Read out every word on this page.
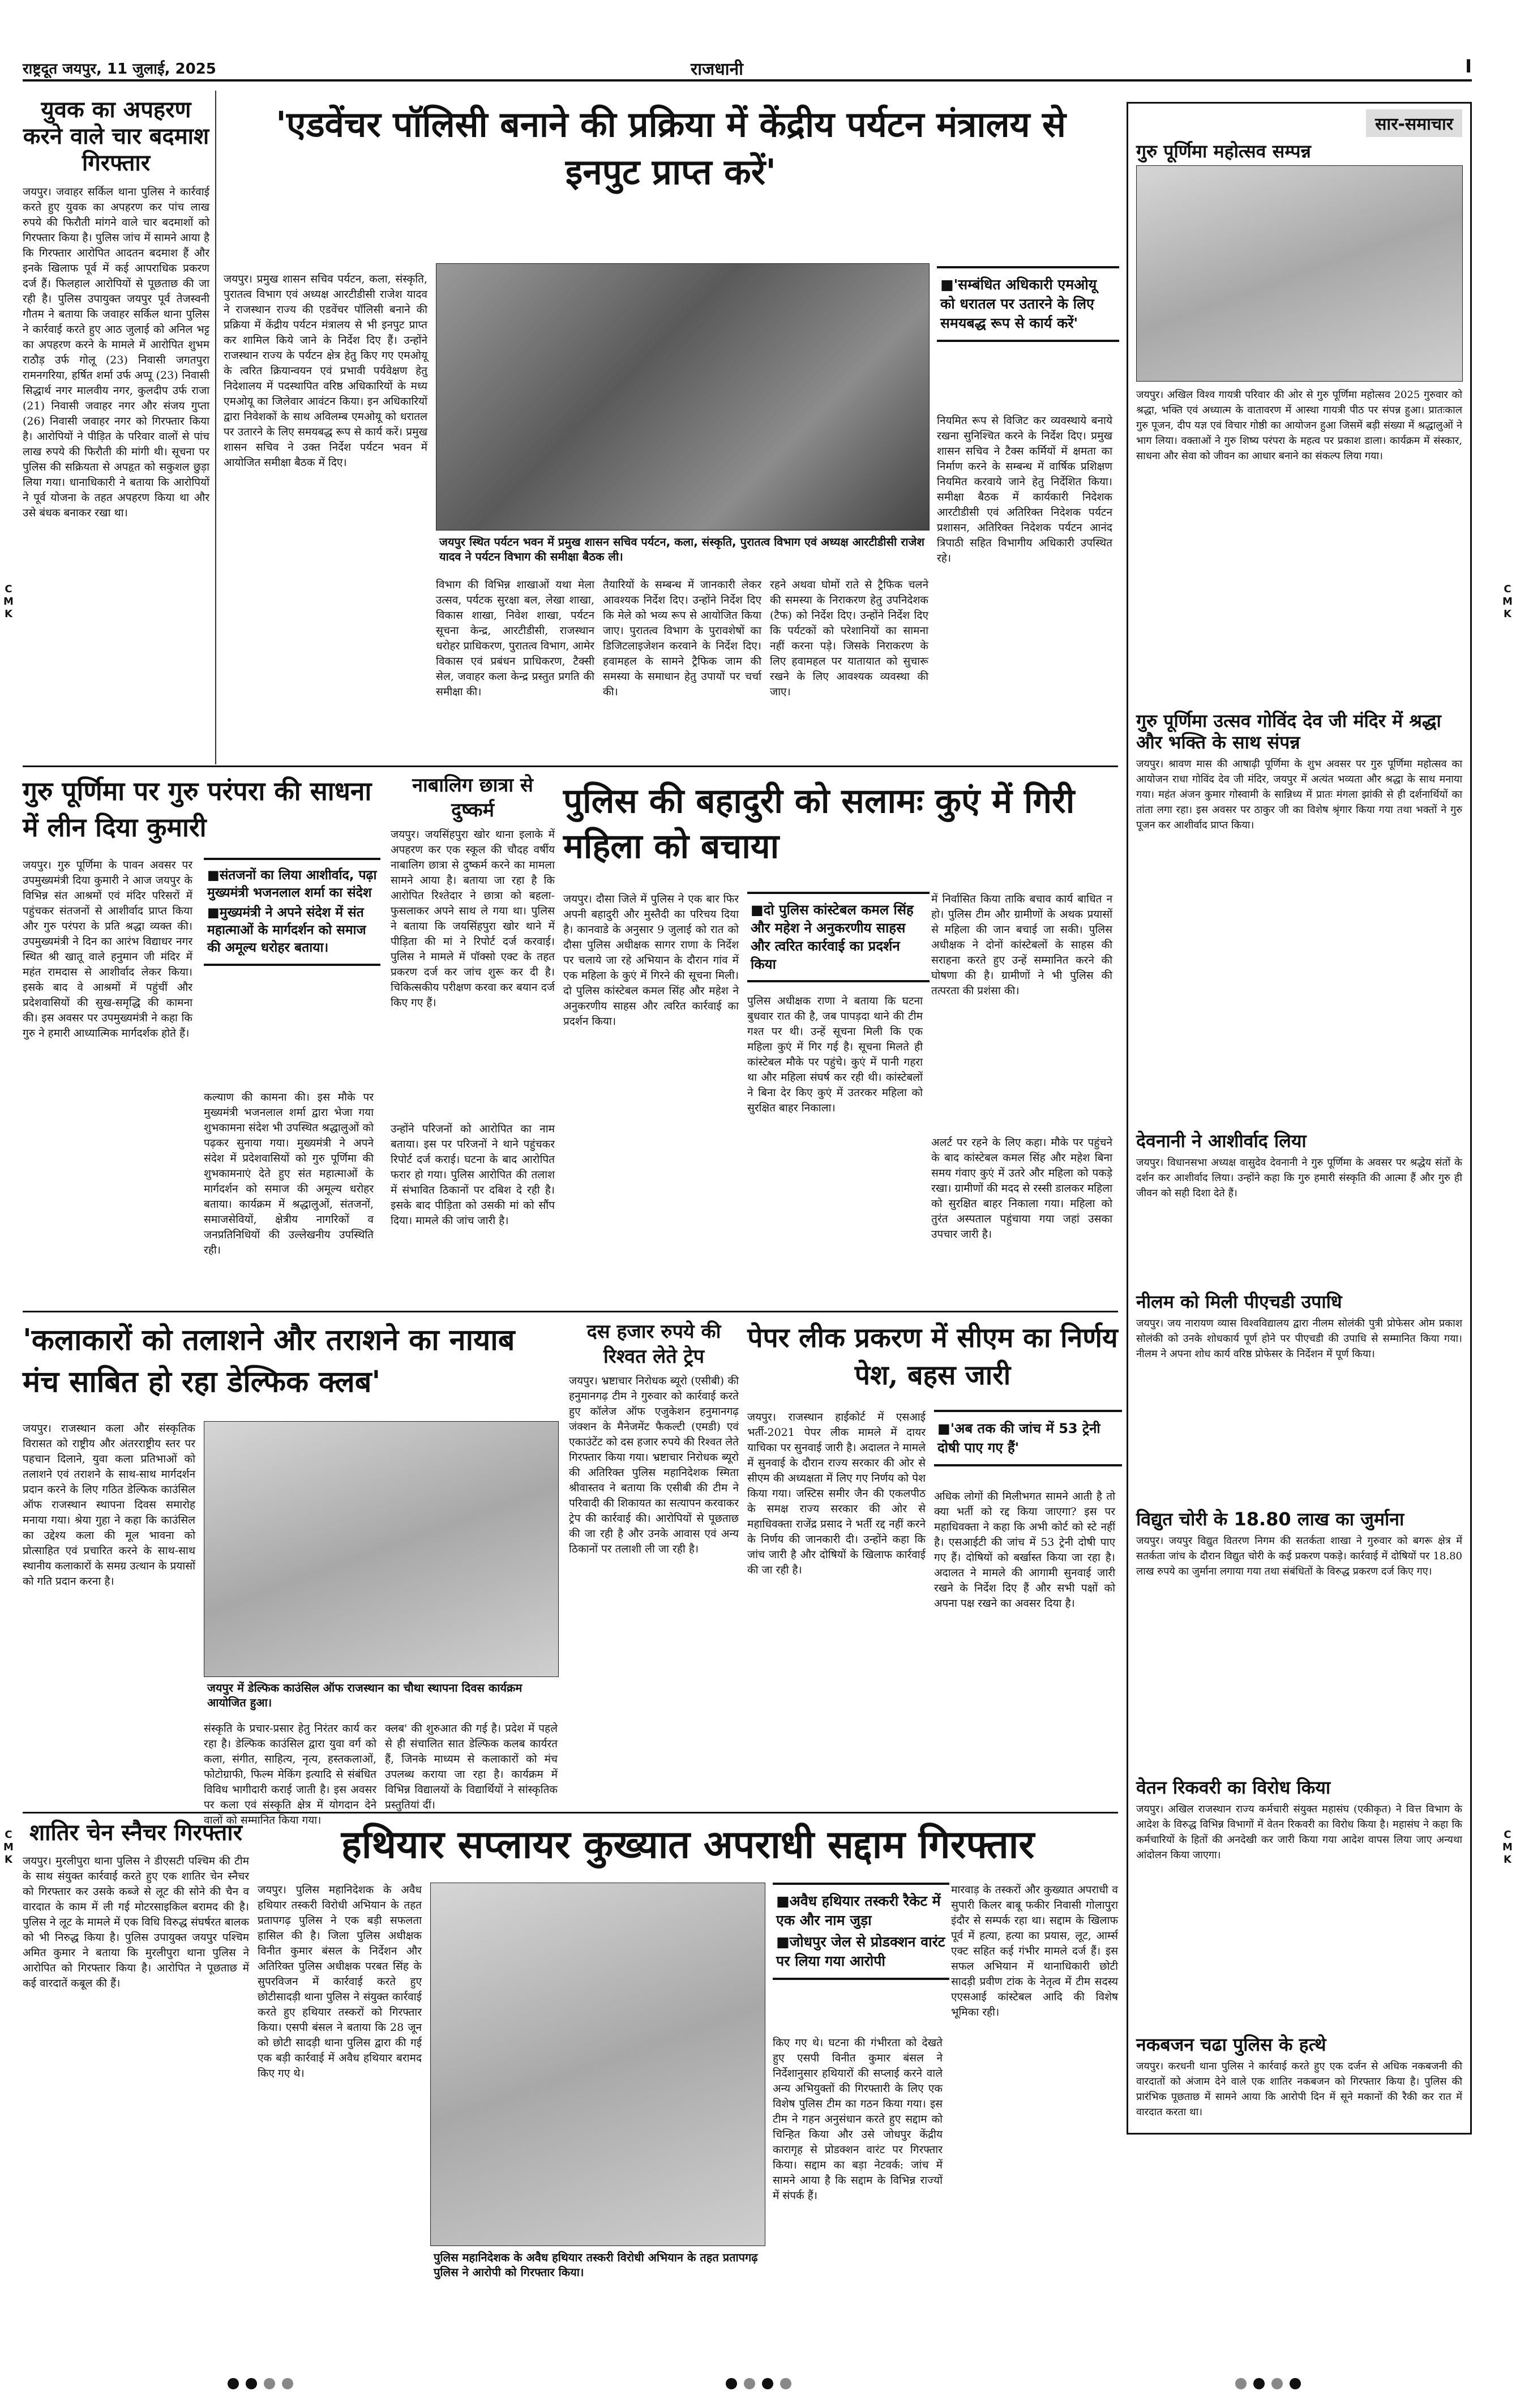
राष्ट्रदूत जयपुर, 11 जुलाई, 2025	राजधानी	I
C
M
K
C
M
K
C
M
K
C
M
K
युवक का अपहरण करने वाले चार बदमाश गिरफ्तार
जयपुर। जवाहर सर्किल थाना पुलिस ने कार्रवाई करते हुए युवक का अपहरण कर पांच लाख रुपये की फिरौती मांगने वाले चार बदमाशों को गिरफ्तार किया है। पुलिस जांच में सामने आया है कि गिरफ्तार आरोपित आदतन बदमाश हैं और इनके खिलाफ पूर्व में कई आपराधिक प्रकरण दर्ज हैं। फिलहाल आरोपियों से पूछताछ की जा रही है। पुलिस उपायुक्त जयपुर पूर्व तेजस्वनी गौतम ने बताया कि जवाहर सर्किल थाना पुलिस ने कार्रवाई करते हुए आठ जुलाई को अनिल भट्ट का अपहरण करने के मामले में आरोपित शुभम राठौड़ उर्फ गोलू (23) निवासी जगतपुरा रामनगरिया, हर्षित शर्मा उर्फ अप्पू (23) निवासी सिद्धार्थ नगर मालवीय नगर, कुलदीप उर्फ राजा (21) निवासी जवाहर नगर और संजय गुप्ता (26) निवासी जवाहर नगर को गिरफ्तार किया है। आरोपियों ने पीड़ित के परिवार वालों से पांच लाख रुपये की फिरौती की मांगी थी। सूचना पर पुलिस की सक्रियता से अपहृत को सकुशल छुड़ा लिया गया। धानाधिकारी ने बताया कि आरोपियों ने पूर्व योजना के तहत अपहरण किया था और उसे बंधक बनाकर रखा था।
'एडवेंचर पॉलिसी बनाने की प्रक्रिया में केंद्रीय पर्यटन मंत्रालय से इनपुट प्राप्त करें'
जयपुर। प्रमुख शासन सचिव पर्यटन, कला, संस्कृति, पुरातत्व विभाग एवं अध्यक्ष आरटीडीसी राजेश यादव ने राजस्थान राज्य की एडवेंचर पॉलिसी बनाने की प्रक्रिया में केंद्रीय पर्यटन मंत्रालय से भी इनपुट प्राप्त कर शामिल किये जाने के निर्देश दिए हैं। उन्होंने राजस्थान राज्य के पर्यटन क्षेत्र हेतु किए गए एमओयू के त्वरित क्रियान्वयन एवं प्रभावी पर्यवेक्षण हेतु निदेशालय में पदस्थापित वरिष्ठ अधिकारियों के मध्य एमओयू का जिलेवार आवंटन किया। इन अधिकारियों द्वारा निवेशकों के साथ अविलम्ब एमओयू को धरातल पर उतारने के लिए समयबद्ध रूप से कार्य करें। प्रमुख शासन सचिव ने उक्त निर्देश पर्यटन भवन में आयोजित समीक्षा बैठक में दिए।
जयपुर स्थित पर्यटन भवन में प्रमुख शासन सचिव पर्यटन, कला, संस्कृति, पुरातत्व विभाग एवं अध्यक्ष आरटीडीसी राजेश यादव ने पर्यटन विभाग की समीक्षा बैठक ली।
■ 'सम्बंधित अधिकारी एमओयू को धरातल पर उतारने के लिए समयबद्ध रूप से कार्य करें'
नियमित रूप से विजिट कर व्यवस्थाये बनाये रखना सुनिश्चित करने के निर्देश दिए। प्रमुख शासन सचिव ने टैक्स कर्मियों में क्षमता का निर्माण करने के सम्बन्ध में वार्षिक प्रशिक्षण नियमित करवाये जाने हेतु निर्देशित किया। समीक्षा बैठक में कार्यकारी निदेशक आरटीडीसी एवं अतिरिक्त निदेशक पर्यटन प्रशासन, अतिरिक्त निदेशक पर्यटन आनंद त्रिपाठी सहित विभागीय अधिकारी उपस्थित रहे।
विभाग की विभिन्न शाखाओं यथा मेला उत्सव, पर्यटक सुरक्षा बल, लेखा शाखा, विकास शाखा, निवेश शाखा, पर्यटन सूचना केन्द्र, आरटीडीसी, राजस्थान धरोहर प्राधिकरण, पुरातत्व विभाग, आमेर विकास एवं प्रबंधन प्राधिकरण, टैक्सी सेल, जवाहर कला केन्द्र प्रस्तुत प्रगति की समीक्षा की।
तैयारियों के सम्बन्ध में जानकारी लेकर आवश्यक निर्देश दिए। उन्होंने निर्देश दिए कि मेले को भव्य रूप से आयोजित किया जाए। पुरातत्व विभाग के पुरावशेषों का डिजिटलाइजेशन करवाने के निर्देश दिए। हवामहल के सामने ट्रैफिक जाम की समस्या के समाधान हेतु उपायों पर चर्चा की।
रहने अथवा घोमों राते से ट्रैफिक चलने की समस्या के निराकरण हेतु उपनिदेशक (टैफ) को निर्देश दिए। उन्होंने निर्देश दिए कि पर्यटकों को परेशानियों का सामना नहीं करना पड़े। जिसके निराकरण के लिए हवामहल पर यातायात को सुचारू रखने के लिए आवश्यक व्यवस्था की जाए।
सार-समाचार
गुरु पूर्णिमा महोत्सव सम्पन्न
जयपुर। अखिल विश्व गायत्री परिवार की ओर से गुरु पूर्णिमा महोत्सव 2025 गुरुवार को श्रद्धा, भक्ति एवं अध्यात्म के वातावरण में आस्था गायत्री पीठ पर संपन्न हुआ। प्रातःकाल गुरु पूजन, दीप यज्ञ एवं विचार गोष्ठी का आयोजन हुआ जिसमें बड़ी संख्या में श्रद्धालुओं ने भाग लिया। वक्ताओं ने गुरु शिष्य परंपरा के महत्व पर प्रकाश डाला। कार्यक्रम में संस्कार, साधना और सेवा को जीवन का आधार बनाने का संकल्प लिया गया।
गुरु पूर्णिमा उत्सव गोविंद देव जी मंदिर में श्रद्धा और भक्ति के साथ संपन्न
जयपुर। श्रावण मास की आषाढ़ी पूर्णिमा के शुभ अवसर पर गुरु पूर्णिमा महोत्सव का आयोजन राधा गोविंद देव जी मंदिर, जयपुर में अत्यंत भव्यता और श्रद्धा के साथ मनाया गया। महंत अंजन कुमार गोस्वामी के सान्निध्य में प्रातः मंगला झांकी से ही दर्शनार्थियों का तांता लगा रहा। इस अवसर पर ठाकुर जी का विशेष श्रृंगार किया गया तथा भक्तों ने गुरु पूजन कर आशीर्वाद प्राप्त किया।
देवनानी ने आशीर्वाद लिया
जयपुर। विधानसभा अध्यक्ष वासुदेव देवनानी ने गुरु पूर्णिमा के अवसर पर श्रद्धेय संतों के दर्शन कर आशीर्वाद लिया। उन्होंने कहा कि गुरु हमारी संस्कृति की आत्मा हैं और गुरु ही जीवन को सही दिशा देते हैं।
नीलम को मिली पीएचडी उपाधि
जयपुर। जय नारायण व्यास विश्वविद्यालय द्वारा नीलम सोलंकी पुत्री प्रोफेसर ओम प्रकाश सोलंकी को उनके शोधकार्य पूर्ण होने पर पीएचडी की उपाधि से सम्मानित किया गया। नीलम ने अपना शोध कार्य वरिष्ठ प्रोफेसर के निर्देशन में पूर्ण किया।
विद्युत चोरी के 18.80 लाख का जुर्माना
जयपुर। जयपुर विद्युत वितरण निगम की सतर्कता शाखा ने गुरुवार को बगरू क्षेत्र में सतर्कता जांच के दौरान विद्युत चोरी के कई प्रकरण पकड़े। कार्रवाई में दोषियों पर 18.80 लाख रुपये का जुर्माना लगाया गया तथा संबंधितों के विरुद्ध प्रकरण दर्ज किए गए।
वेतन रिकवरी का विरोध किया
जयपुर। अखिल राजस्थान राज्य कर्मचारी संयुक्त महासंघ (एकीकृत) ने वित्त विभाग के आदेश के विरुद्ध विभिन्न विभागों में वेतन रिकवरी का विरोध किया है। महासंघ ने कहा कि कर्मचारियों के हितों की अनदेखी कर जारी किया गया आदेश वापस लिया जाए अन्यथा आंदोलन किया जाएगा।
नकबजन चढा पुलिस के हत्थे
जयपुर। करधनी थाना पुलिस ने कार्रवाई करते हुए एक दर्जन से अधिक नकबजनी की वारदातों को अंजाम देने वाले एक शातिर नकबजन को गिरफ्तार किया है। पुलिस की प्रारंभिक पूछताछ में सामने आया कि आरोपी दिन में सूने मकानों की रैकी कर रात में वारदात करता था।
गुरु पूर्णिमा पर गुरु परंपरा की साधना में लीन दिया कुमारी
जयपुर। गुरु पूर्णिमा के पावन अवसर पर उपमुख्यमंत्री दिया कुमारी ने आज जयपुर के विभिन्न संत आश्रमों एवं मंदिर परिसरों में पहुंचकर संतजनों से आशीर्वाद प्राप्त किया और गुरु परंपरा के प्रति श्रद्धा व्यक्त की। उपमुख्यमंत्री ने दिन का आरंभ विद्याधर नगर स्थित श्री खातू वाले हनुमान जी मंदिर में महंत रामदास से आशीर्वाद लेकर किया। इसके बाद वे आश्रमों में पहुंचीं और प्रदेशवासियों की सुख-समृद्धि की कामना की। इस अवसर पर उपमुख्यमंत्री ने कहा कि गुरु ने हमारी आध्यात्मिक मार्गदर्शक होते हैं।
■ संतजनों का लिया आशीर्वाद, पढ़ा मुख्यमंत्री भजनलाल शर्मा का संदेश
■ मुख्यमंत्री ने अपने संदेश में संत महात्माओं के मार्गदर्शन को समाज की अमूल्य धरोहर बताया।
कल्याण की कामना की। इस मौके पर मुख्यमंत्री भजनलाल शर्मा द्वारा भेजा गया शुभकामना संदेश भी उपस्थित श्रद्धालुओं को पढ़कर सुनाया गया। मुख्यमंत्री ने अपने संदेश में प्रदेशवासियों को गुरु पूर्णिमा की शुभकामनाएं देते हुए संत महात्माओं के मार्गदर्शन को समाज की अमूल्य धरोहर बताया। कार्यक्रम में श्रद्धालुओं, संतजनों, समाजसेवियों, क्षेत्रीय नागरिकों व जनप्रतिनिधियों की उल्लेखनीय उपस्थिति रही।
नाबालिग छात्रा से दुष्कर्म
जयपुर। जयसिंहपुरा खोर थाना इलाके में अपहरण कर एक स्कूल की चौदह वर्षीय नाबालिग छात्रा से दुष्कर्म करने का मामला सामने आया है। बताया जा रहा है कि आरोपित रिश्तेदार ने छात्रा को बहला-फुसलाकर अपने साथ ले गया था। पुलिस ने बताया कि जयसिंहपुरा खोर थाने में पीड़िता की मां ने रिपोर्ट दर्ज करवाई। पुलिस ने मामले में पॉक्सो एक्ट के तहत प्रकरण दर्ज कर जांच शुरू कर दी है। चिकित्सकीय परीक्षण करवा कर बयान दर्ज किए गए हैं।
उन्होंने परिजनों को आरोपित का नाम बताया। इस पर परिजनों ने थाने पहुंचकर रिपोर्ट दर्ज कराई। घटना के बाद आरोपित फरार हो गया। पुलिस आरोपित की तलाश में संभावित ठिकानों पर दबिश दे रही है। इसके बाद पीड़िता को उसकी मां को सौंप दिया। मामले की जांच जारी है।
पुलिस की बहादुरी को सलामः कुएं में गिरी महिला को बचाया
जयपुर। दौसा जिले में पुलिस ने एक बार फिर अपनी बहादुरी और मुस्तैदी का परिचय दिया है। कानवाडे के अनुसार 9 जुलाई को रात को दौसा पुलिस अधीक्षक सागर राणा के निर्देश पर चलाये जा रहे अभियान के दौरान गांव में एक महिला के कुएं में गिरने की सूचना मिली। दो पुलिस कांस्टेबल कमल सिंह और महेश ने अनुकरणीय साहस और त्वरित कार्रवाई का प्रदर्शन किया।
■ दो पुलिस कांस्टेबल कमल सिंह और महेश ने अनुकरणीय साहस और त्वरित कार्रवाई का प्रदर्शन किया
पुलिस अधीक्षक राणा ने बताया कि घटना बुधवार रात की है, जब पापड़दा थाने की टीम गश्त पर थी। उन्हें सूचना मिली कि एक महिला कुएं में गिर गई है। सूचना मिलते ही कांस्टेबल मौके पर पहुंचे। कुएं में पानी गहरा था और महिला संघर्ष कर रही थी। कांस्टेबलों ने बिना देर किए कुएं में उतरकर महिला को सुरक्षित बाहर निकाला।
में निर्वासित किया ताकि बचाव कार्य बाधित न हो। पुलिस टीम और ग्रामीणों के अथक प्रयासों से महिला की जान बचाई जा सकी। पुलिस अधीक्षक ने दोनों कांस्टेबलों के साहस की सराहना करते हुए उन्हें सम्मानित करने की घोषणा की है। ग्रामीणों ने भी पुलिस की तत्परता की प्रशंसा की।
अलर्ट पर रहने के लिए कहा। मौके पर पहुंचने के बाद कांस्टेबल कमल सिंह और महेश बिना समय गंवाए कुएं में उतरे और महिला को पकड़े रखा। ग्रामीणों की मदद से रस्सी डालकर महिला को सुरक्षित बाहर निकाला गया। महिला को तुरंत अस्पताल पहुंचाया गया जहां उसका उपचार जारी है।
'कलाकारों को तलाशने और तराशने का नायाब मंच साबित हो रहा डेल्फिक क्लब'
जयपुर। राजस्थान कला और संस्कृतिक विरासत को राष्ट्रीय और अंतरराष्ट्रीय स्तर पर पहचान दिलाने, युवा कला प्रतिभाओं को तलाशने एवं तराशने के साथ-साथ मार्गदर्शन प्रदान करने के लिए गठित डेल्फिक काउंसिल ऑफ राजस्थान स्थापना दिवस समारोह मनाया गया। श्रेया गुहा ने कहा कि काउंसिल का उद्देश्य कला की मूल भावना को प्रोत्साहित एवं प्रचारित करने के साथ-साथ स्थानीय कलाकारों के समग्र उत्थान के प्रयासों को गति प्रदान करना है।
जयपुर में डेल्फिक काउंसिल ऑफ राजस्थान का चौथा स्थापना दिवस कार्यक्रम आयोजित हुआ।
संस्कृति के प्रचार-प्रसार हेतु निरंतर कार्य कर रहा है। डेल्फिक काउंसिल द्वारा युवा वर्ग को कला, संगीत, साहित्य, नृत्य, हस्तकलाओं, फोटोग्राफी, फिल्म मेकिंग इत्यादि से संबंधित विविध भागीदारी कराई जाती है। इस अवसर पर कला एवं संस्कृति क्षेत्र में योगदान देने वालों को सम्मानित किया गया।
क्लब' की शुरुआत की गई है। प्रदेश में पहले से ही संचालित सात डेल्फिक कलब कार्यरत हैं, जिनके माध्यम से कलाकारों को मंच उपलब्ध कराया जा रहा है। कार्यक्रम में विभिन्न विद्यालयों के विद्यार्थियों ने सांस्कृतिक प्रस्तुतियां दीं।
दस हजार रुपये की रिश्वत लेते ट्रेप
जयपुर। भ्रष्टाचार निरोधक ब्यूरो (एसीबी) की हनुमानगढ़ टीम ने गुरुवार को कार्रवाई करते हुए कॉलेज ऑफ एजुकेशन हनुमानगढ़ जंक्शन के मैनेजमेंट फैकल्टी (एमडी) एवं एकाउंटेंट को दस हजार रुपये की रिश्वत लेते गिरफ्तार किया गया। भ्रष्टाचार निरोधक ब्यूरो की अतिरिक्त पुलिस महानिदेशक स्मिता श्रीवास्तव ने बताया कि एसीबी की टीम ने परिवादी की शिकायत का सत्यापन करवाकर ट्रेप की कार्रवाई की। आरोपियों से पूछताछ की जा रही है और उनके आवास एवं अन्य ठिकानों पर तलाशी ली जा रही है।
पेपर लीक प्रकरण में सीएम का निर्णय पेश, बहस जारी
जयपुर। राजस्थान हाईकोर्ट में एसआई भर्ती-2021 पेपर लीक मामले में दायर याचिका पर सुनवाई जारी है। अदालत ने मामले में सुनवाई के दौरान राज्य सरकार की ओर से सीएम की अध्यक्षता में लिए गए निर्णय को पेश किया गया। जस्टिस समीर जैन की एकलपीठ के समक्ष राज्य सरकार की ओर से महाधिवक्ता राजेंद्र प्रसाद ने भर्ती रद्द नहीं करने के निर्णय की जानकारी दी। उन्होंने कहा कि जांच जारी है और दोषियों के खिलाफ कार्रवाई की जा रही है।
■ 'अब तक की जांच में 53 ट्रेनी दोषी पाए गए हैं'
अधिक लोगों की मिलीभगत सामने आती है तो क्या भर्ती को रद्द किया जाएगा? इस पर महाधिवक्ता ने कहा कि अभी कोर्ट को स्टे नहीं है। एसआईटी की जांच में 53 ट्रेनी दोषी पाए गए हैं। दोषियों को बर्खास्त किया जा रहा है। अदालत ने मामले की आगामी सुनवाई जारी रखने के निर्देश दिए हैं और सभी पक्षों को अपना पक्ष रखने का अवसर दिया है।
शातिर चेन स्नैचर गिरफ्तार
जयपुर। मुरलीपुरा थाना पुलिस ने डीएसटी पश्चिम की टीम के साथ संयुक्त कार्रवाई करते हुए एक शातिर चेन स्नैचर को गिरफ्तार कर उसके कब्जे से लूट की सोने की चैन व वारदात के काम में ली गई मोटरसाइकिल बरामद की है। पुलिस ने लूट के मामले में एक विधि विरुद्ध संघर्षरत बालक को भी निरुद्ध किया है। पुलिस उपायुक्त जयपुर पश्चिम अमित कुमार ने बताया कि मुरलीपुरा थाना पुलिस ने आरोपित को गिरफ्तार किया है। आरोपित ने पूछताछ में कई वारदातें कबूल की हैं।
हथियार सप्लायर कुख्यात अपराधी सद्दाम गिरफ्तार
जयपुर। पुलिस महानिदेशक के अवैध हथियार तस्करी विरोधी अभियान के तहत प्रतापगढ़ पुलिस ने एक बड़ी सफलता हासिल की है। जिला पुलिस अधीक्षक विनीत कुमार बंसल के निर्देशन और अतिरिक्त पुलिस अधीक्षक परबत सिंह के सुपरविजन में कार्रवाई करते हुए छोटीसादड़ी थाना पुलिस ने संयुक्त कार्रवाई करते हुए हथियार तस्करों को गिरफ्तार किया। एसपी बंसल ने बताया कि 28 जून को छोटी सादड़ी थाना पुलिस द्वारा की गई एक बड़ी कार्रवाई में अवैध हथियार बरामद किए गए थे।
पुलिस महानिदेशक के अवैध हथियार तस्करी विरोधी अभियान के तहत प्रतापगढ़ पुलिस ने आरोपी को गिरफ्तार किया।
■ अवैध हथियार तस्करी रैकेट में एक और नाम जुड़ा
■ जोधपुर जेल से प्रोडक्शन वारंट पर लिया गया आरोपी
किए गए थे। घटना की गंभीरता को देखते हुए एसपी विनीत कुमार बंसल ने निर्देशानुसार हथियारों की सप्लाई करने वाले अन्य अभियुक्तों की गिरफ्तारी के लिए एक विशेष पुलिस टीम का गठन किया गया। इस टीम ने गहन अनुसंधान करते हुए सद्दाम को चिन्हित किया और उसे जोधपुर केंद्रीय कारागृह से प्रोडक्शन वारंट पर गिरफ्तार किया। सद्दाम का बड़ा नेटवर्क: जांच में सामने आया है कि सद्दाम के विभिन्न राज्यों में संपर्क हैं।
मारवाड़ के तस्करों और कुख्यात अपराधी व सुपारी किलर बाबू फकीर निवासी गोलापुरा इंदौर से सम्पर्क रहा था। सद्दाम के खिलाफ पूर्व में हत्या, हत्या का प्रयास, लूट, आर्म्स एक्ट सहित कई गंभीर मामले दर्ज हैं। इस सफल अभियान में थानाधिकारी छोटी सादड़ी प्रवीण टांक के नेतृत्व में टीम सदस्य एएसआई कांस्टेबल आदि की विशेष भूमिका रही।
